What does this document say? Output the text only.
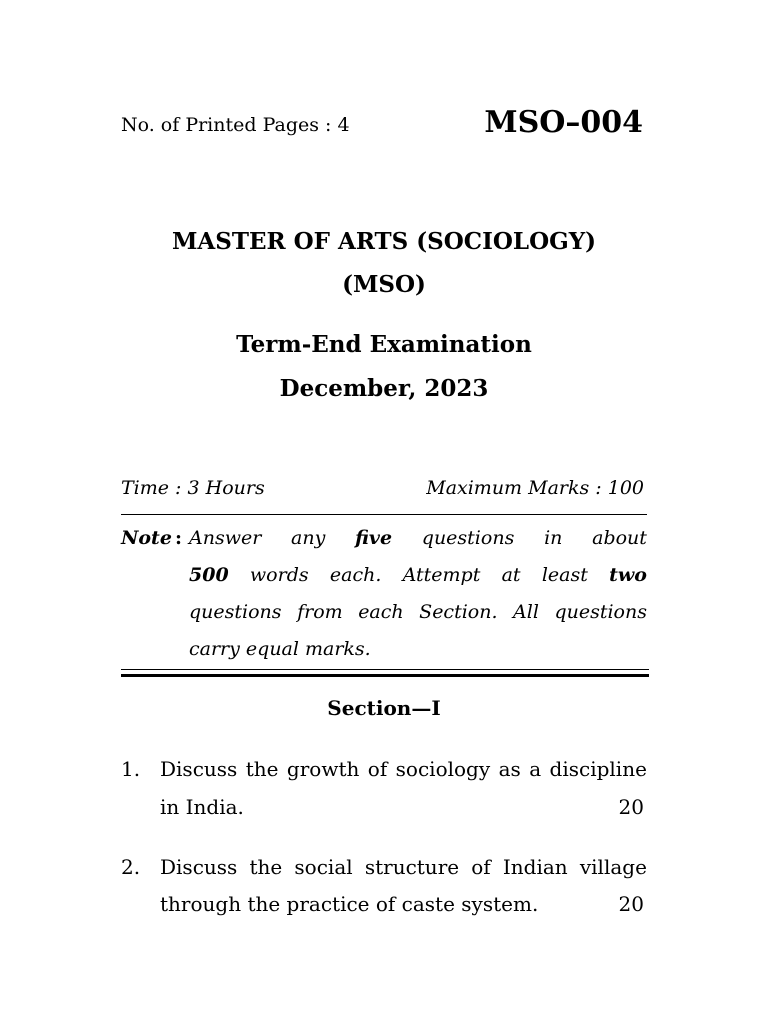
No. of Printed Pages : 4	MSO–004
MASTER OF ARTS (SOCIOLOGY)
(MSO)
Term-End Examination
December, 2023
Time : 3 Hours	Maximum Marks : 100
Note : Answer any five questions in about
500 words each. Attempt at least two
questions from each Section. All questions
carry equal marks.
Section—I
1. Discuss the growth of sociology as a discipline
in India.	20
2. Discuss the social structure of Indian village
through the practice of caste system.	20
